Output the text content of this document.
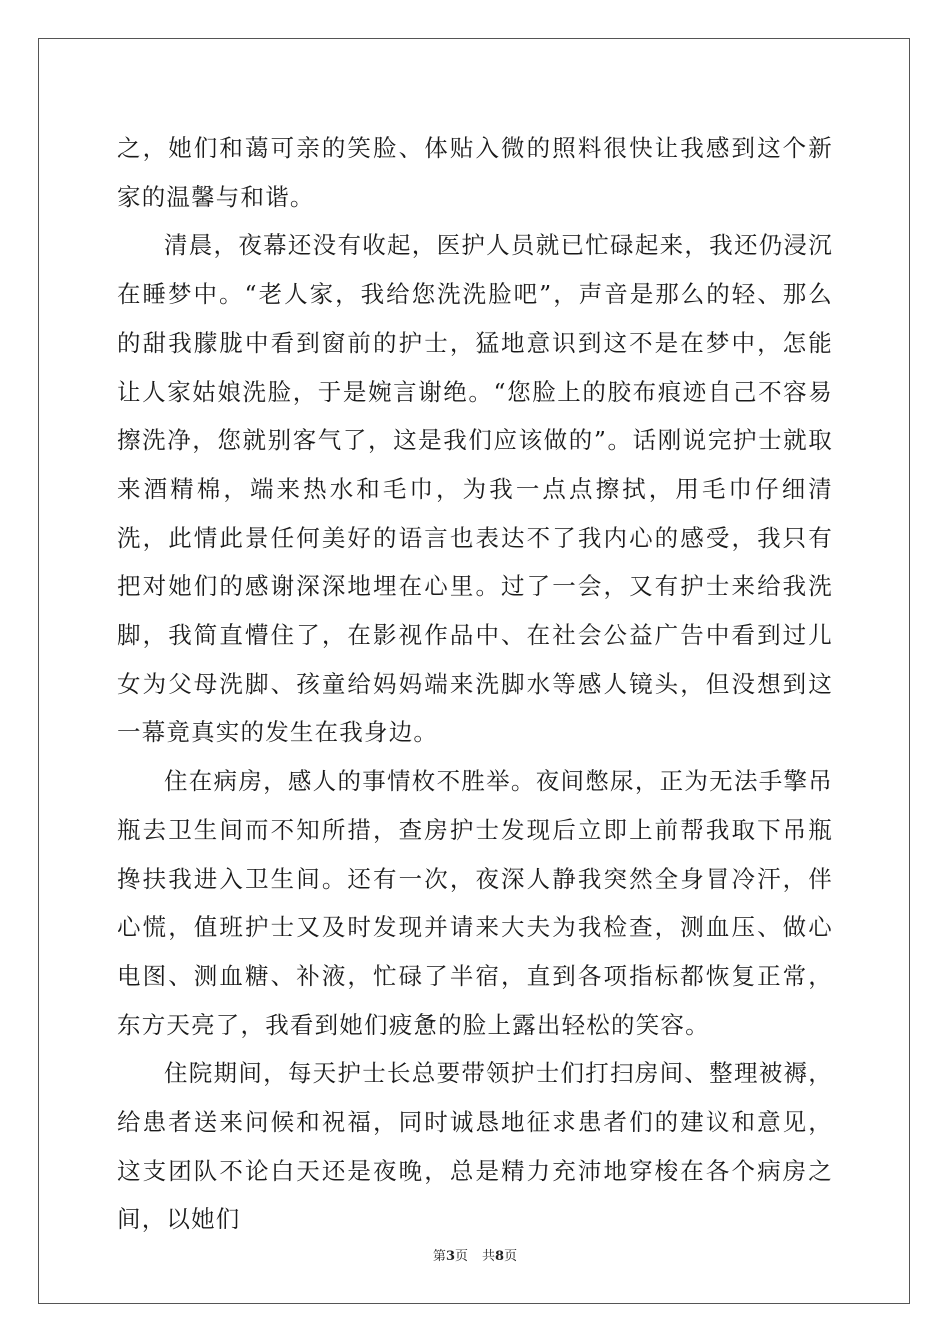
之，她们和蔼可亲的笑脸、体贴入微的照料很快让我感到这个新家的温馨与和谐。

清晨，夜幕还没有收起，医护人员就已忙碌起来，我还仍浸沉在睡梦中。“老人家，我给您洗洗脸吧”，声音是那么的轻、那么的甜我朦胧中看到窗前的护士，猛地意识到这不是在梦中，怎能让人家姑娘洗脸，于是婉言谢绝。“您脸上的胶布痕迹自己不容易擦洗净，您就别客气了，这是我们应该做的”。话刚说完护士就取来酒精棉，端来热水和毛巾，为我一点点擦拭，用毛巾仔细清洗，此情此景任何美好的语言也表达不了我内心的感受，我只有把对她们的感谢深深地埋在心里。过了一会，又有护士来给我洗脚，我简直懵住了，在影视作品中、在社会公益广告中看到过儿女为父母洗脚、孩童给妈妈端来洗脚水等感人镜头，但没想到这一幕竟真实的发生在我身边。

住在病房，感人的事情枚不胜举。夜间憋尿，正为无法手擎吊瓶去卫生间而不知所措，查房护士发现后立即上前帮我取下吊瓶搀扶我进入卫生间。还有一次，夜深人静我突然全身冒冷汗，伴心慌，值班护士又及时发现并请来大夫为我检查，测血压、做心电图、测血糖、补液，忙碌了半宿，直到各项指标都恢复正常，东方天亮了，我看到她们疲惫的脸上露出轻松的笑容。

住院期间，每天护士长总要带领护士们打扫房间、整理被褥，给患者送来问候和祝福，同时诚恳地征求患者们的建议和意见，这支团队不论白天还是夜晚，总是精力充沛地穿梭在各个病房之间，以她们

第3页 共8页
